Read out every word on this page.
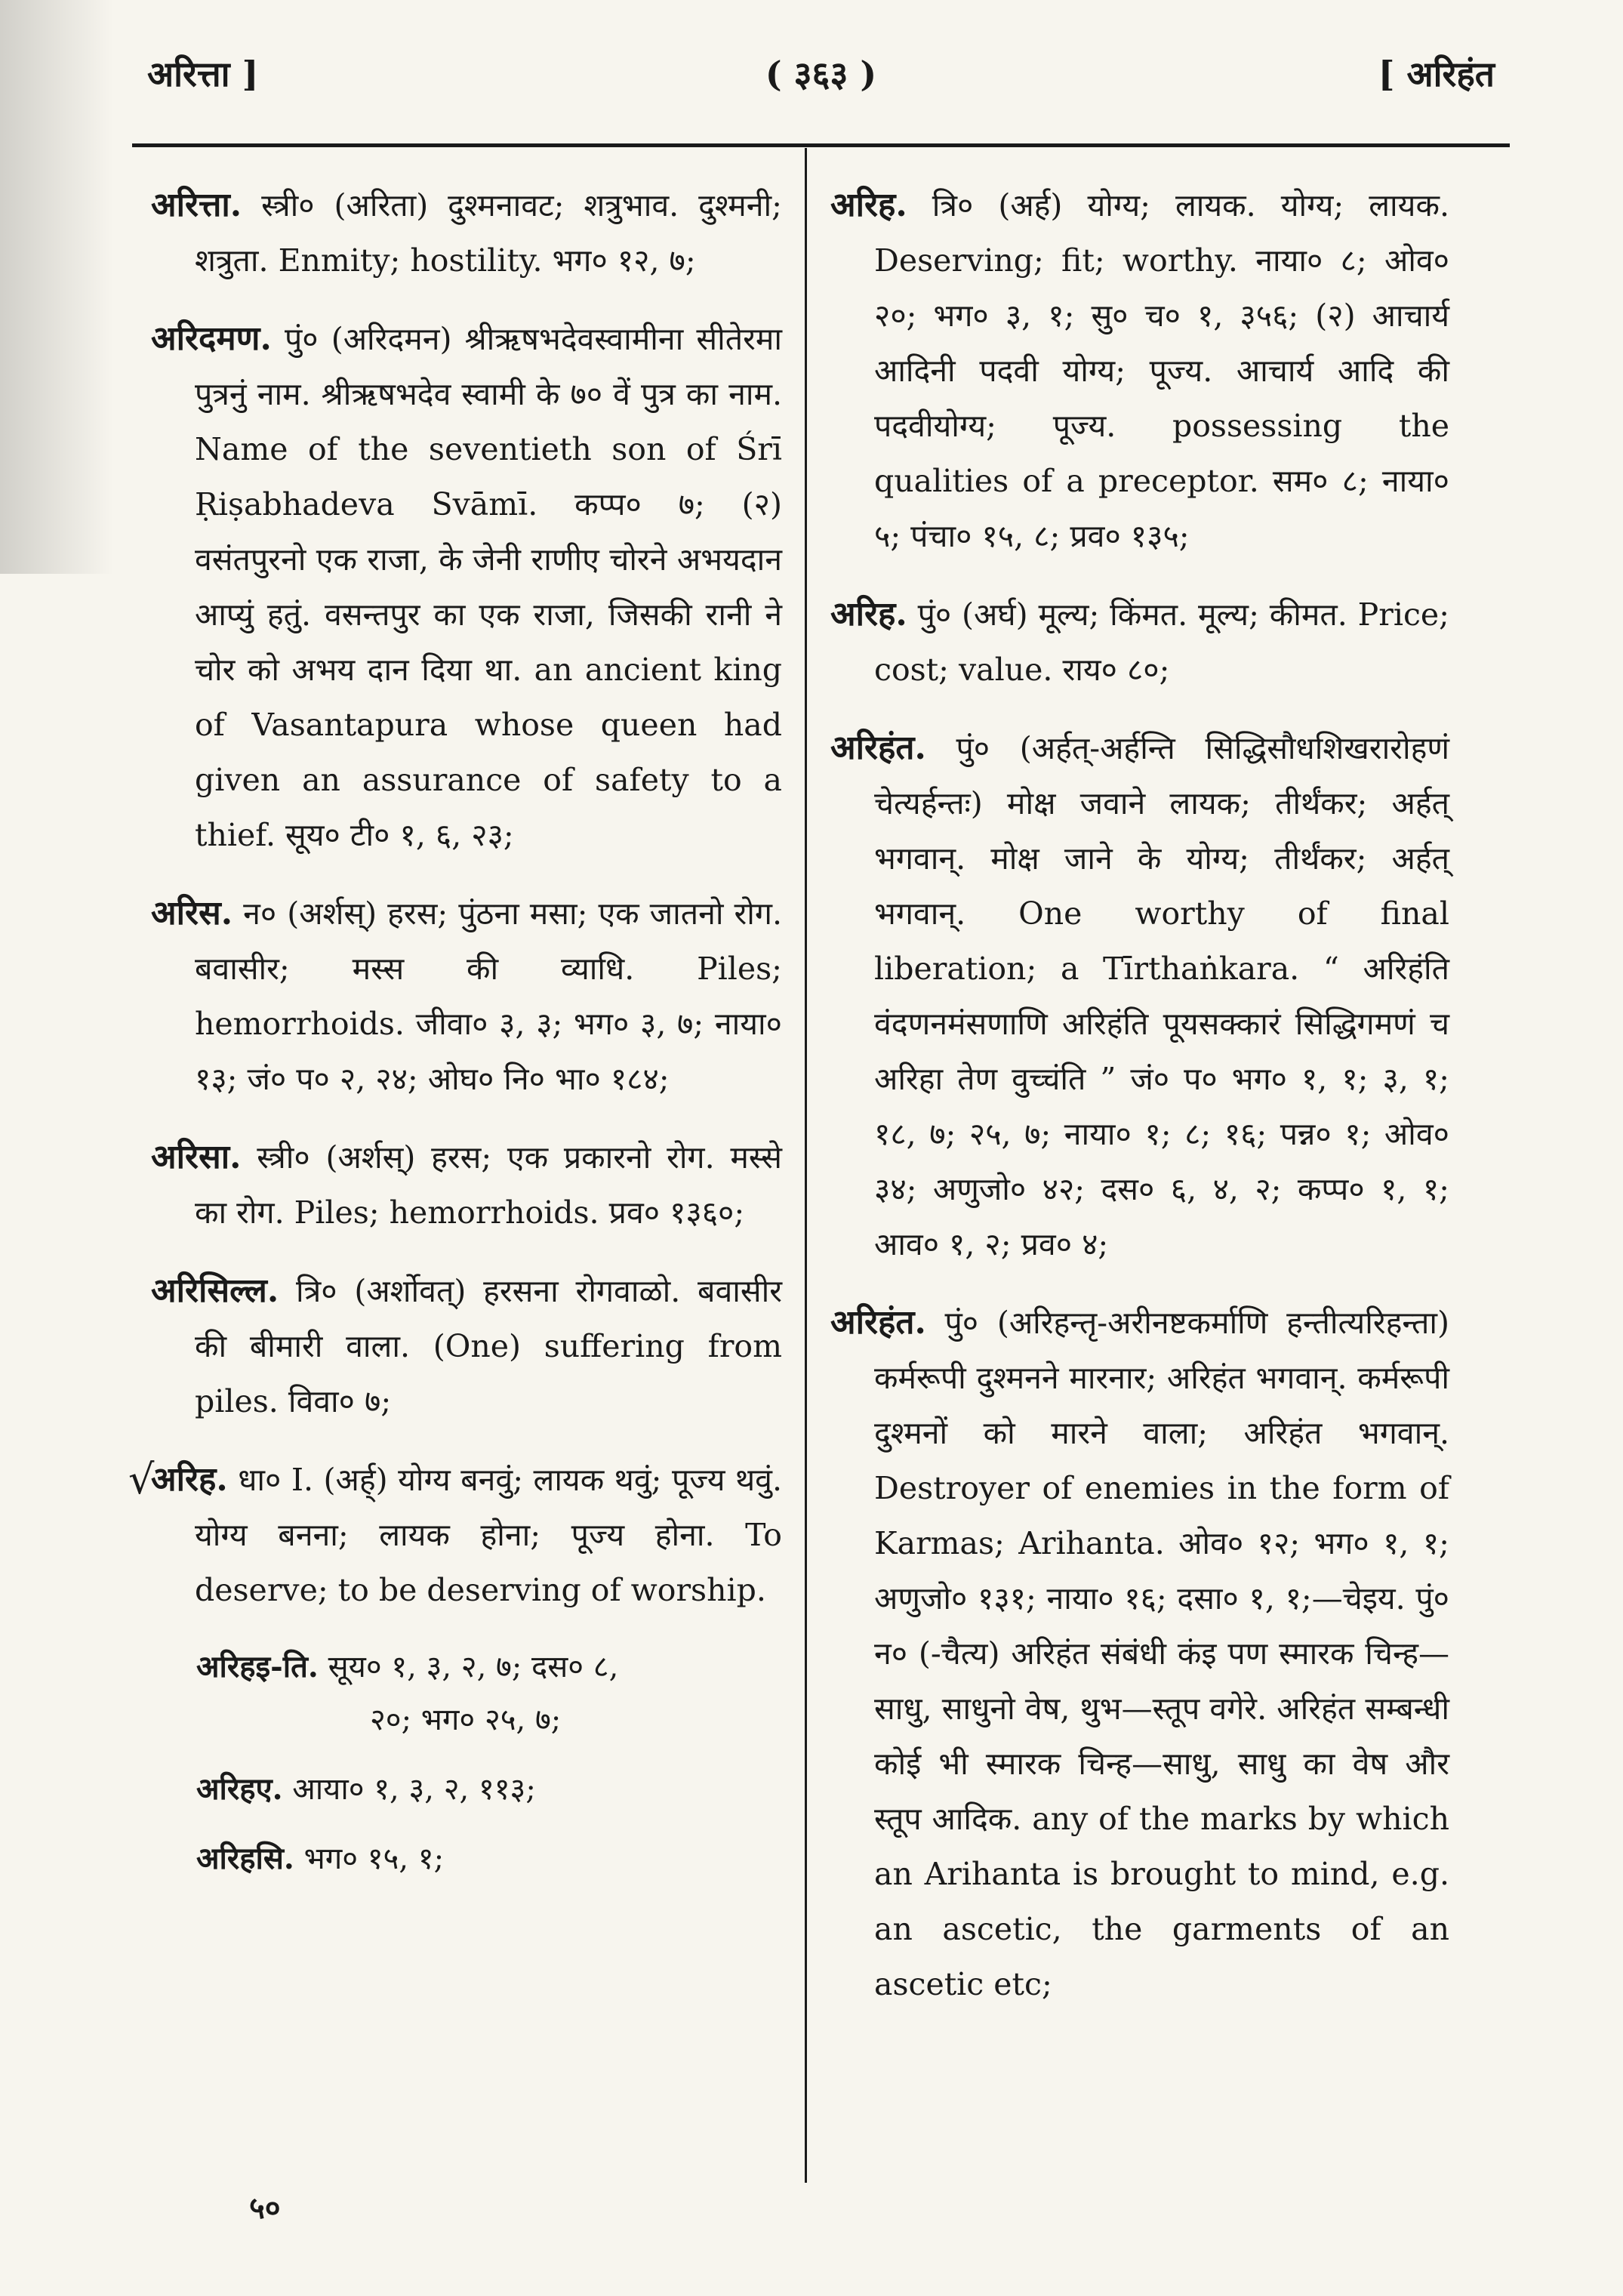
अरित्ता ]	( ३६३ )	[ अरिहंत

अरित्ता. स्त्री० (अरिता) दुश्मनावट; शत्रुभाव. दुश्मनी; शत्रुता. Enmity; hostility. भग० १२, ७;

अरिदमण. पुं० (अरिदमन) श्रीऋषभदेवस्वामीना सीतेरमा पुत्रनुं नाम. श्रीऋषभदेव स्वामी के ७० वें पुत्र का नाम. Name of the seventieth son of Śrī Ṛiṣabhadeva Svāmī. कप्प० ७; (२) वसंतपुरनो एक राजा, के जेनी राणीए चोरने अभयदान आप्युं हतुं. वसन्तपुर का एक राजा, जिसकी रानी ने चोर को अभय दान दिया था. an ancient king of Vasantapura whose queen had given an assurance of safety to a thief. सूय० टी० १, ६, २३;

अरिस. न० (अर्शस्) हरस; पुंठना मसा; एक जातनो रोग. बवासीर; मस्स की व्याधि. Piles; hemorrhoids. जीवा० ३, ३; भग० ३, ७; नाया० १३; जं० प० २, २४; ओघ० नि० भा० १८४;

अरिसा. स्त्री० (अर्शस्) हरस; एक प्रकारनो रोग. मस्से का रोग. Piles; hemorrhoids. प्रव० १३६०;

अरिसिल्ल. त्रि० (अर्शोवत्) हरसना रोगवाळो. बवासीर की बीमारी वाला. (One) suffering from piles. विवा० ७;

√
अरिह. धा० I. (अर्ह्) योग्य बनवुं; लायक थवुं; पूज्य थवुं. योग्य बनना; लायक होना; पूज्य होना. To deserve; to be deserving of worship.

अरिहइ-ति. सूय० १, ३, २, ७; दस० ८,
२०; भग० २५, ७;
अरिहए. आया० १, ३, २, ११३;
अरिहसि. भग० १५, १;

अरिह. त्रि० (अर्ह) योग्य; लायक. योग्य; लायक. Deserving; fit; worthy. नाया० ८; ओव० २०; भग० ३, १; सु० च० १, ३५६; (२) आचार्य आदिनी पदवी योग्य; पूज्य. आचार्य आदि की पदवीयोग्य; पूज्य. possessing the qualities of a preceptor. सम० ८; नाया० ५; पंचा० १५, ८; प्रव० १३५;

अरिह. पुं० (अर्घ) मूल्य; किंमत. मूल्य; कीमत. Price; cost; value. राय० ८०;

अरिहंत. पुं० (अर्हत्-अर्हन्ति सिद्धिसौधशिखरारोहणं चेत्यर्हन्तः) मोक्ष जवाने लायक; तीर्थंकर; अर्हत् भगवान्. मोक्ष जाने के योग्य; तीर्थंकर; अर्हत् भगवान्. One worthy of final liberation; a Tīrthaṅkara. “ अरिहंति वंदणनमंसणाणि अरिहंति पूयसक्कारं सिद्धिगमणं च अरिहा तेण वुच्चंति ” जं० प० भग० १, १; ३, १; १८, ७; २५, ७; नाया० १; ८; १६; पन्न० १; ओव० ३४; अणुजो० ४२; दस० ६, ४, २; कप्प० १, १; आव० १, २; प्रव० ४;

अरिहंत. पुं० (अरिहन्तृ-अरीनष्टकर्माणि हन्तीत्यरिहन्ता) कर्मरूपी दुश्मनने मारनार; अरिहंत भगवान्. कर्मरूपी दुश्मनों को मारने वाला; अरिहंत भगवान्. Destroyer of enemies in the form of Karmas; Arihanta. ओव० १२; भग० १, १; अणुजो० १३१; नाया० १६; दसा० १, १;—चेइय. पुं० न० (-चैत्य) अरिहंत संबंधी कंइ पण स्मारक चिन्ह—साधु, साधुनो वेष, थुभ—स्तूप वगेरे. अरिहंत सम्बन्धी कोई भी स्मारक चिन्ह—साधु, साधु का वेष और स्तूप आदिक. any of the marks by which an Arihanta is brought to mind, e.g. an ascetic, the garments of an ascetic etc;

५०
